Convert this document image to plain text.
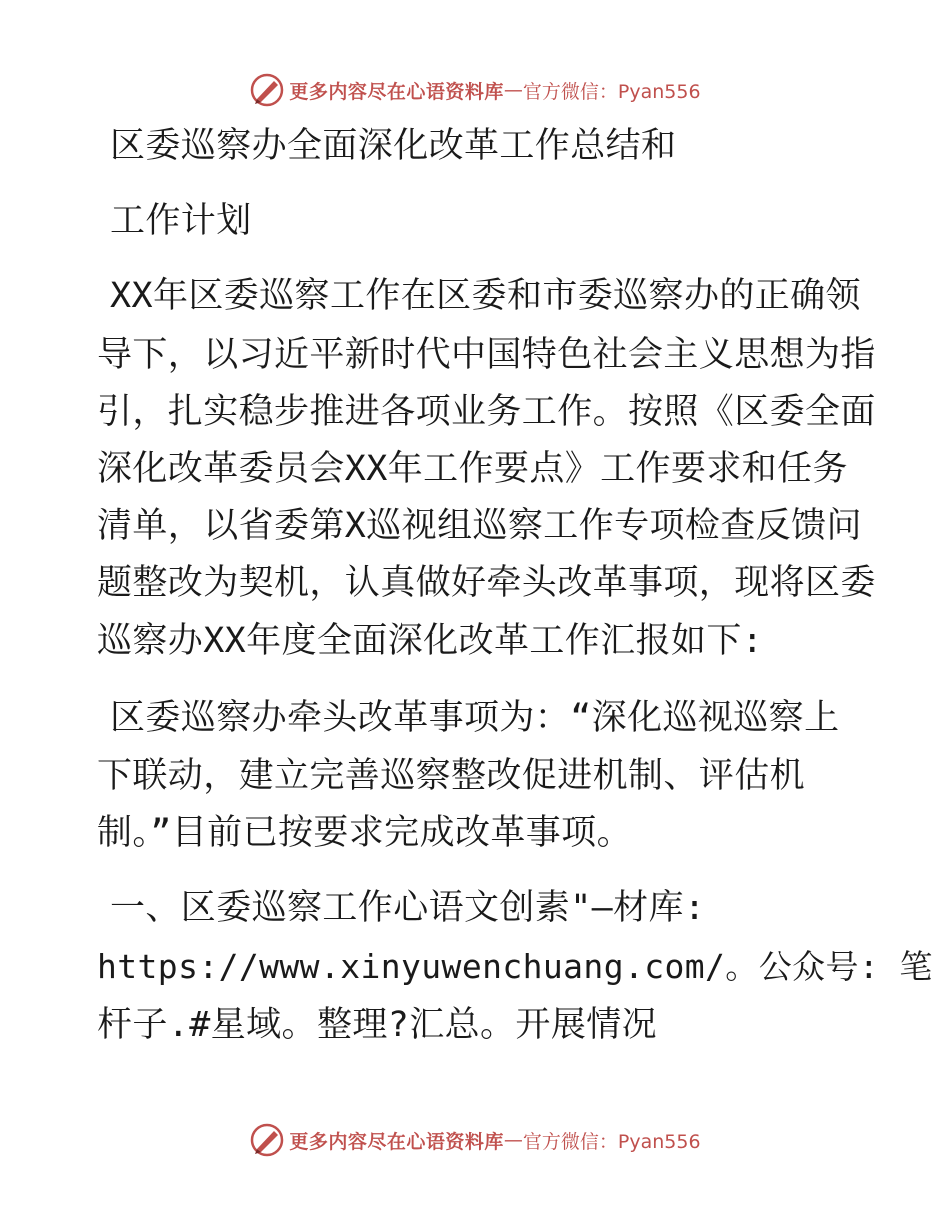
更多内容尽在心语资料库 — 官方微信：Pyan556
区委巡察办全面深化改革工作总结和
工作计划
XX年区委巡察工作在区委和市委巡察办的正确领
导下，以习近平新时代中国特色社会主义思想为指
引，扎实稳步推进各项业务工作。按照《区委全面
深化改革委员会XX年工作要点》工作要求和任务
清单，以省委第X巡视组巡察工作专项检查反馈问
题整改为契机，认真做好牵头改革事项，现将区委
巡察办XX年度全面深化改革工作汇报如下:
区委巡察办牵头改革事项为：“深化巡视巡察上
下联动，建立完善巡察整改促进机制、评估机
制。”目前已按要求完成改革事项。
一、区委巡察工作心语文创素"—材库:
https://www.xinyuwenchuang.com/。公众号: 笔
杆子.#星域。整理?汇总。开展情况
更多内容尽在心语资料库 — 官方微信：Pyan556
